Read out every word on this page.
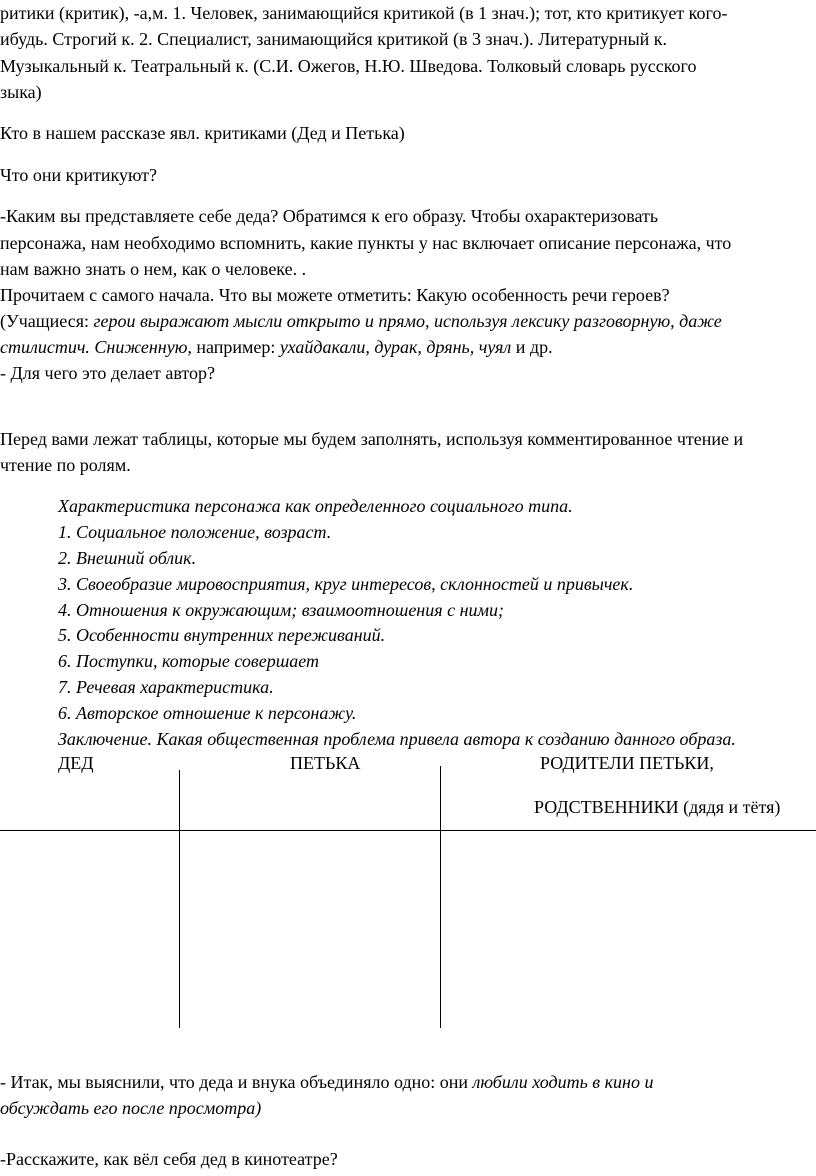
ритики (критик), -а,м. 1. Человек, занимающийся критикой (в 1 знач.); тот, кто критикует кого-
ибудь. Строгий к. 2. Специалист, занимающийся критикой (в 3 знач.). Литературный к.
Музыкальный к. Театральный к. (С.И. Ожегов, Н.Ю. Шведова. Толковый словарь русского
зыка)
Кто в нашем рассказе явл. критиками (Дед и Петька)
Что они критикуют?
-Каким вы представляете себе деда? Обратимся к его образу. Чтобы охарактеризовать
персонажа, нам необходимо вспомнить, какие пункты у нас включает описание персонажа, что
нам важно знать о нем, как о человеке. .
Прочитаем с самого начала. Что вы можете отметить: Какую особенность речи героев?
(Учащиеся: герои выражают мысли открыто и прямо, используя лексику разговорную, даже
стилистич. Сниженную, например: ухайдакали, дурак, дрянь, чуял и др.
- Для чего это делает автор?
Перед вами лежат таблицы, которые мы будем заполнять, используя комментированное чтение и
чтение по ролям.
Характеристика персонажа как определенного социального типа.
1. Социальное положение, возраст.
2. Внешний облик.
3. Своеобразие мировосприятия, круг интересов, склонностей и привычек.
4. Отношения к окружающим; взаимоотношения с ними;
5. Особенности внутренних переживаний.
6. Поступки, которые совершает
7. Речевая характеристика.
6. Авторское отношение к персонажу.
Заключение. Какая общественная проблема привела автора к созданию данного образа.
ДЕД	ПЕТЬКА	РОДИТЕЛИ ПЕТЬКИ,
РОДСТВЕННИКИ (дядя и тётя)
- Итак, мы выяснили, что деда и внука объединяло одно: они любили ходить в кино и
обсуждать его после просмотра)
-Расскажите, как вёл себя дед в кинотеатре?
